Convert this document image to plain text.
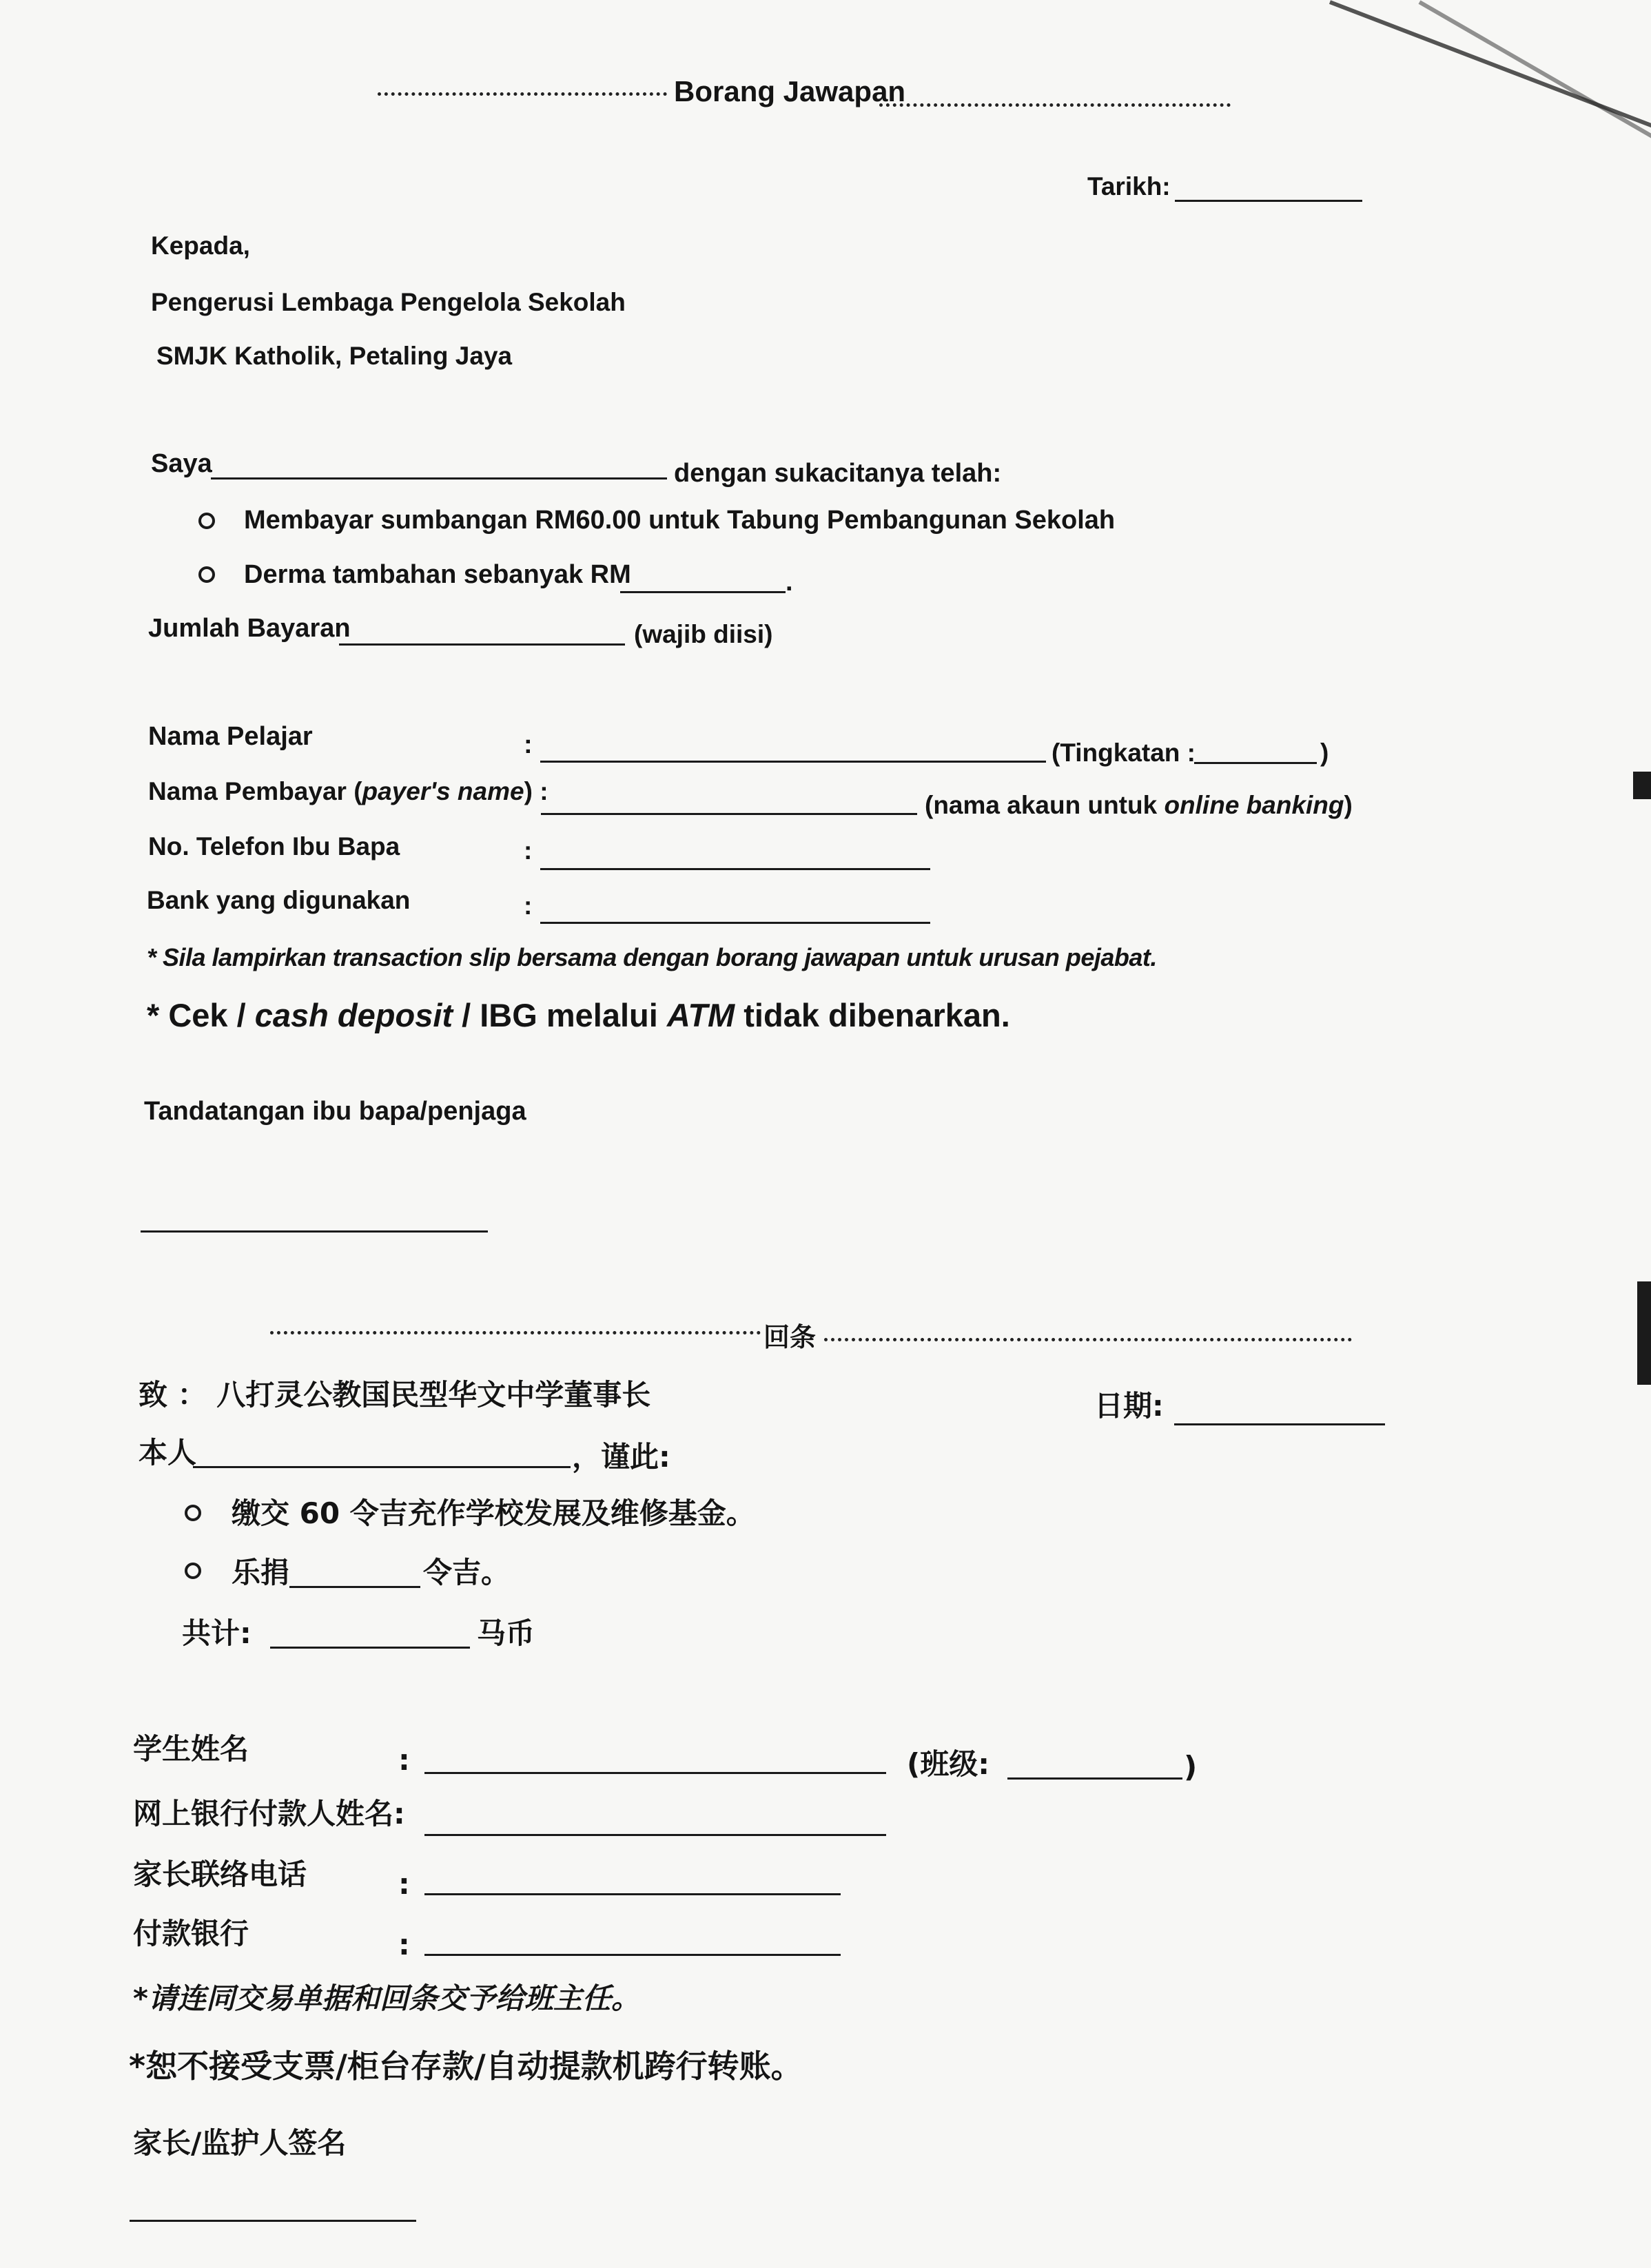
Borang Jawapan
Tarikh:
Kepada,
Pengerusi Lembaga Pengelola Sekolah
SMJK Katholik, Petaling Jaya
Saya	dengan sukacitanya telah:
Membayar sumbangan RM60.00 untuk Tabung Pembangunan Sekolah
Derma tambahan sebanyak RM	.
Jumlah Bayaran	(wajib diisi)
Nama Pelajar	:	(Tingkatan :	)
Nama Pembayar (payer's name) :	(nama akaun untuk online banking)
No. Telefon Ibu Bapa	:
Bank yang digunakan	:
* Sila lampirkan transaction slip bersama dengan borang jawapan untuk urusan pejabat.
* Cek / cash deposit / IBG melalui ATM tidak dibenarkan.
Tandatangan ibu bapa/penjaga
回条
致 ： 八打灵公教国民型华文中学董事长	日期:
本人	，谨此:
缴交 60 令吉充作学校发展及维修基金。
乐捐	令吉。
共计:	马币
学生姓名	:	(班级:	)
网上银行付款人姓名:
家长联络电话	:
付款银行	:
*请连同交易单据和回条交予给班主任。
*恕不接受支票/柜台存款/自动提款机跨行转账。
家长/监护人签名
